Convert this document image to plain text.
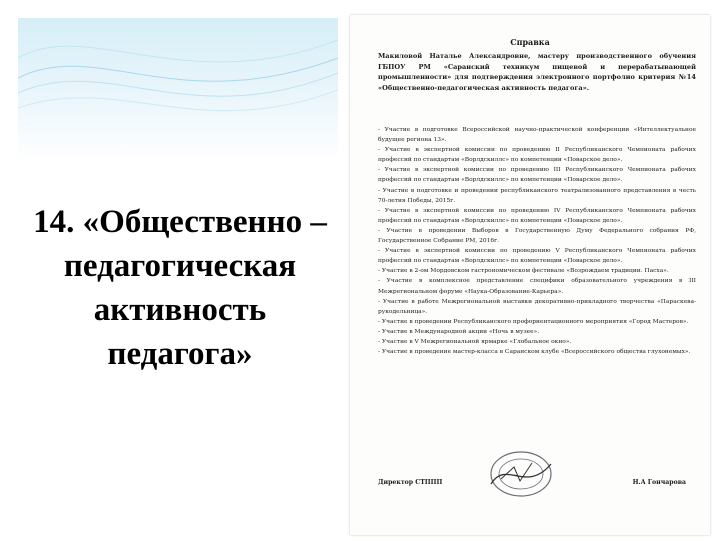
14. «Общественно –
педагогическая
активность
педагога»
Справка
Макиловой Наталье Александровне, мастеру производственного обучения ГБПОУ РМ «Саранский техникум пищевой и перерабатывающей промышленности» для подтверждения электронного портфолио критерия №14 «Общественно-педагогическая активность педагога».
- Участие в подготовке Всероссийской научно-практической конференции «Интеллектуальное будущее региона 13».
- Участие в экспертной комиссии по проведению II Республиканского Чемпионата рабочих профессий по стандартам «Ворлдскиллс» по компетенции «Поварское дело».
- Участие в экспертной комиссии по проведению III Республиканского Чемпионата рабочих профессий по стандартам «Ворлдскиллс» по компетенции «Поварское дело».
- Участие в подготовке и проведении республиканского театрализованного представления в честь 70-летия Победы, 2015г.
- Участие в экспертной комиссии по проведению IV Республиканского Чемпионата рабочих профессий по стандартам «Ворлдскиллс» по компетенции «Поварское дело».
- Участие в проведении Выборов в Государственную Думу Федерального собрания РФ, Государственное Собрание РМ, 2016г.
- Участие в экспертной комиссии по проведению V Республиканского Чемпионата рабочих профессий по стандартам «Ворлдскиллс» по компетенции «Поварское дело».
- Участие в 2-ом Мордовском гастрономическом фестивале «Возрождаем традиции. Пасха».
- Участие в комплексное представление специфики образовательного учреждения в III Межрегиональном форуме «Наука-Образование-Карьера».
- Участие в работе Межрегиональной выставки декоративно-прикладного творчества «Параскева-рукодельница».
- Участие в проведении Республиканского профориентационного мероприятия «Город Мастеров».
- Участие в Международной акции «Ночь в музее».
- Участие в V Межрегиональной ярмарке «Глобальное окно».
- Участие в проведение мастер-класса в Саранском клубе «Всероссийского общества глухонемых».
Директор СТППП	Н.А Гончарова
